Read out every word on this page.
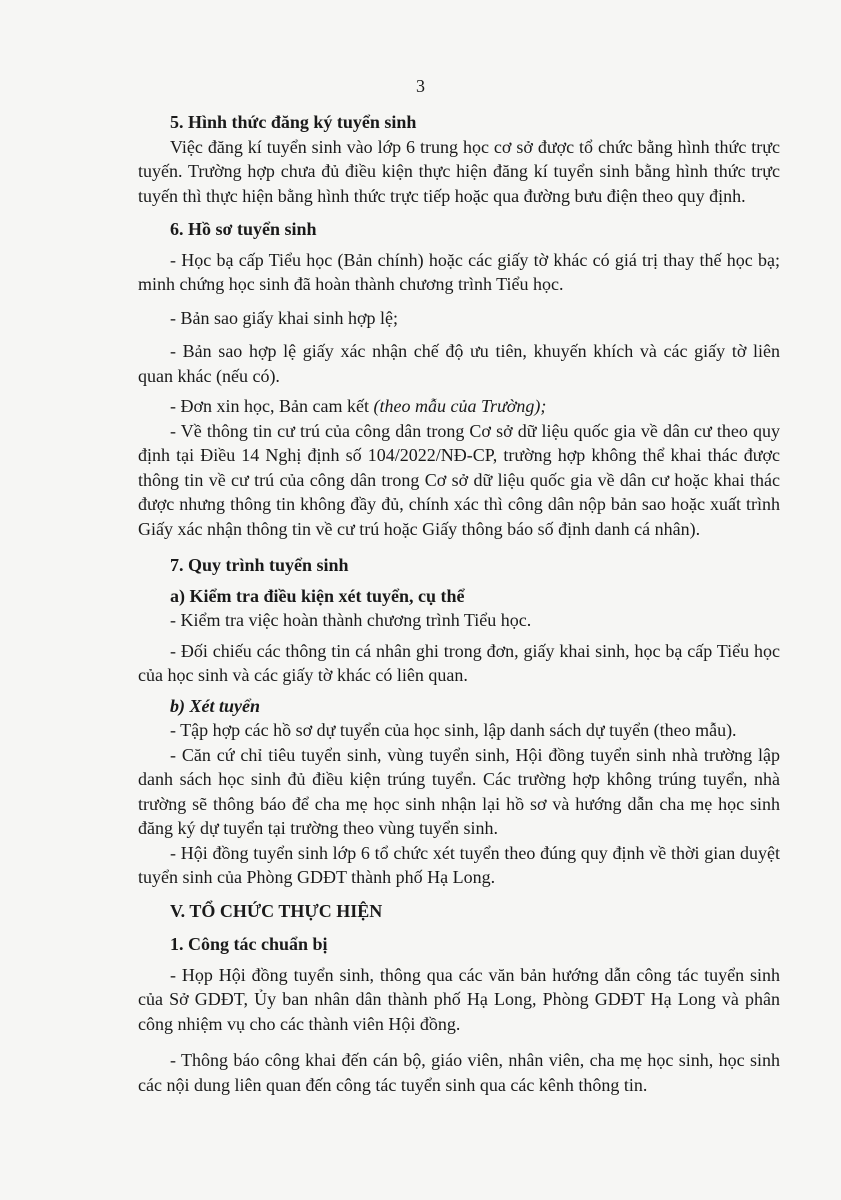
3

5. Hình thức đăng ký tuyển sinh

Việc đăng kí tuyển sinh vào lớp 6 trung học cơ sở được tổ chức bằng hình thức trực tuyến. Trường hợp chưa đủ điều kiện thực hiện đăng kí tuyển sinh bằng hình thức trực tuyến thì thực hiện bằng hình thức trực tiếp hoặc qua đường bưu điện theo quy định.

6. Hồ sơ tuyển sinh

- Học bạ cấp Tiểu học (Bản chính) hoặc các giấy tờ khác có giá trị thay thế học bạ; minh chứng học sinh đã hoàn thành chương trình Tiểu học.

- Bản sao giấy khai sinh hợp lệ;

- Bản sao hợp lệ giấy xác nhận chế độ ưu tiên, khuyến khích và các giấy tờ liên quan khác (nếu có).

- Đơn xin học, Bản cam kết (theo mẫu của Trường);

- Về thông tin cư trú của công dân trong Cơ sở dữ liệu quốc gia về dân cư theo quy định tại Điều 14 Nghị định số 104/2022/NĐ-CP, trường hợp không thể khai thác được thông tin về cư trú của công dân trong Cơ sở dữ liệu quốc gia về dân cư hoặc khai thác được nhưng thông tin không đầy đủ, chính xác thì công dân nộp bản sao hoặc xuất trình Giấy xác nhận thông tin về cư trú hoặc Giấy thông báo số định danh cá nhân).

7. Quy trình tuyển sinh

a) Kiểm tra điều kiện xét tuyển, cụ thể

- Kiểm tra việc hoàn thành chương trình Tiểu học.

- Đối chiếu các thông tin cá nhân ghi trong đơn, giấy khai sinh, học bạ cấp Tiểu học của học sinh và các giấy tờ khác có liên quan.

b) Xét tuyển

- Tập hợp các hồ sơ dự tuyển của học sinh, lập danh sách dự tuyển (theo mẫu).

- Căn cứ chỉ tiêu tuyển sinh, vùng tuyển sinh, Hội đồng tuyển sinh nhà trường lập danh sách học sinh đủ điều kiện trúng tuyển. Các trường hợp không trúng tuyển, nhà trường sẽ thông báo để cha mẹ học sinh nhận lại hồ sơ và hướng dẫn cha mẹ học sinh đăng ký dự tuyển tại trường theo vùng tuyển sinh.

- Hội đồng tuyển sinh lớp 6 tổ chức xét tuyển theo đúng quy định về thời gian duyệt tuyển sinh của Phòng GDĐT thành phố Hạ Long.

V. TỔ CHỨC THỰC HIỆN

1. Công tác chuẩn bị

- Họp Hội đồng tuyển sinh, thông qua các văn bản hướng dẫn công tác tuyển sinh của Sở GDĐT, Ủy ban nhân dân thành phố Hạ Long, Phòng GDĐT Hạ Long và phân công nhiệm vụ cho các thành viên Hội đồng.

- Thông báo công khai đến cán bộ, giáo viên, nhân viên, cha mẹ học sinh, học sinh các nội dung liên quan đến công tác tuyển sinh qua các kênh thông tin.
